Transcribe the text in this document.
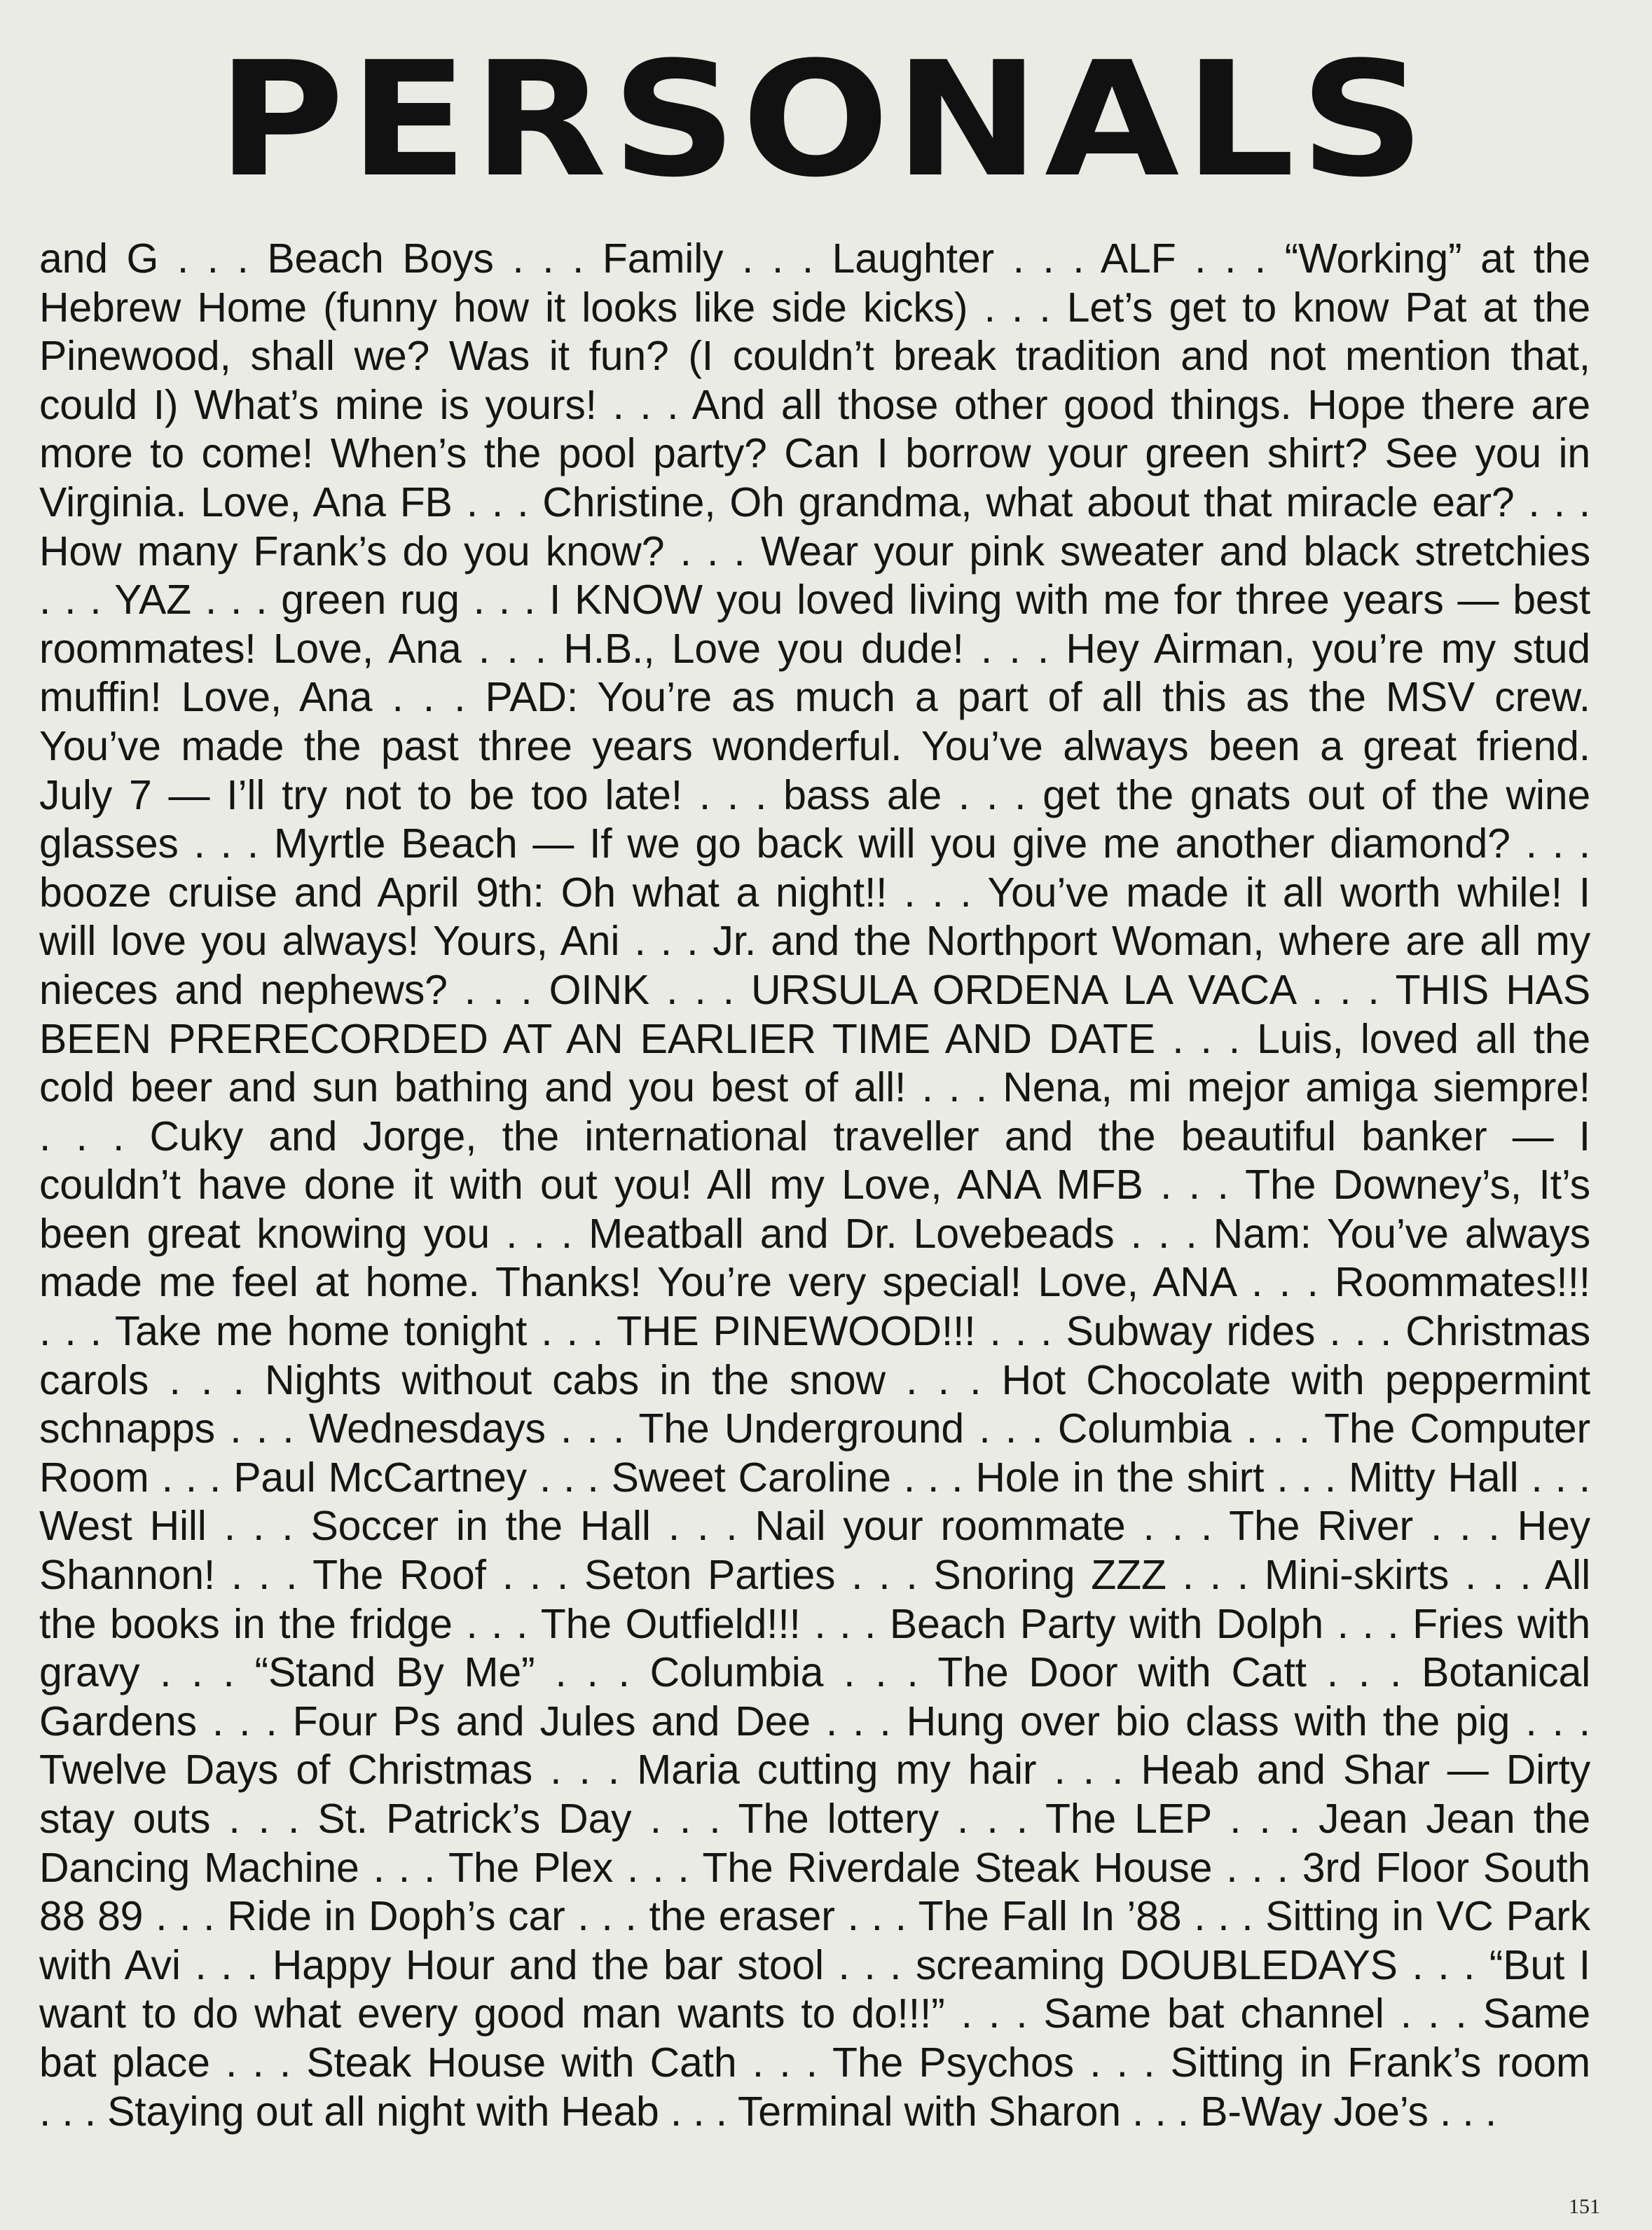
PERSONALS
and G . . . Beach Boys . . . Family . . . Laughter . . . ALF . . . “Working” at the
Hebrew Home (funny how it looks like side kicks) . . . Let’s get to know Pat at the
Pinewood, shall we? Was it fun? (I couldn’t break tradition and not mention that,
could I) What’s mine is yours! . . . And all those other good things. Hope there are
more to come! When’s the pool party? Can I borrow your green shirt? See you in
Virginia. Love, Ana FB . . . Christine, Oh grandma, what about that miracle ear? . . .
How many Frank’s do you know? . . . Wear your pink sweater and black stretchies
. . . YAZ . . . green rug . . . I KNOW you loved living with me for three years — best
roommates! Love, Ana . . . H.B., Love you dude! . . . Hey Airman, you’re my stud
muffin! Love, Ana . . . PAD: You’re as much a part of all this as the MSV crew.
You’ve made the past three years wonderful. You’ve always been a great friend.
July 7 — I’ll try not to be too late! . . . bass ale . . . get the gnats out of the wine
glasses . . . Myrtle Beach — If we go back will you give me another diamond? . . .
booze cruise and April 9th: Oh what a night!! . . . You’ve made it all worth while! I
will love you always! Yours, Ani . . . Jr. and the Northport Woman, where are all my
nieces and nephews? . . . OINK . . . URSULA ORDENA LA VACA . . . THIS HAS
BEEN PRERECORDED AT AN EARLIER TIME AND DATE . . . Luis, loved all the
cold beer and sun bathing and you best of all! . . . Nena, mi mejor amiga siempre!
. . . Cuky and Jorge, the international traveller and the beautiful banker — I
couldn’t have done it with out you! All my Love, ANA MFB . . . The Downey’s, It’s
been great knowing you . . . Meatball and Dr. Lovebeads . . . Nam: You’ve always
made me feel at home. Thanks! You’re very special! Love, ANA . . . Roommates!!!
. . . Take me home tonight . . . THE PINEWOOD!!! . . . Subway rides . . . Christmas
carols . . . Nights without cabs in the snow . . . Hot Chocolate with peppermint
schnapps . . . Wednesdays . . . The Underground . . . Columbia . . . The Computer
Room . . . Paul McCartney . . . Sweet Caroline . . . Hole in the shirt . . . Mitty Hall . . .
West Hill . . . Soccer in the Hall . . . Nail your roommate . . . The River . . . Hey
Shannon! . . . The Roof . . . Seton Parties . . . Snoring ZZZ . . . Mini-skirts . . . All
the books in the fridge . . . The Outfield!!! . . . Beach Party with Dolph . . . Fries with
gravy . . . “Stand By Me” . . . Columbia . . . The Door with Catt . . . Botanical
Gardens . . . Four Ps and Jules and Dee . . . Hung over bio class with the pig . . .
Twelve Days of Christmas . . . Maria cutting my hair . . . Heab and Shar — Dirty
stay outs . . . St. Patrick’s Day . . . The lottery . . . The LEP . . . Jean Jean the
Dancing Machine . . . The Plex . . . The Riverdale Steak House . . . 3rd Floor South
88 89 . . . Ride in Doph’s car . . . the eraser . . . The Fall In ’88 . . . Sitting in VC Park
with Avi . . . Happy Hour and the bar stool . . . screaming DOUBLEDAYS . . . “But I
want to do what every good man wants to do!!!” . . . Same bat channel . . . Same
bat place . . . Steak House with Cath . . . The Psychos . . . Sitting in Frank’s room
. . . Staying out all night with Heab . . . Terminal with Sharon . . . B-Way Joe’s . . .
151
